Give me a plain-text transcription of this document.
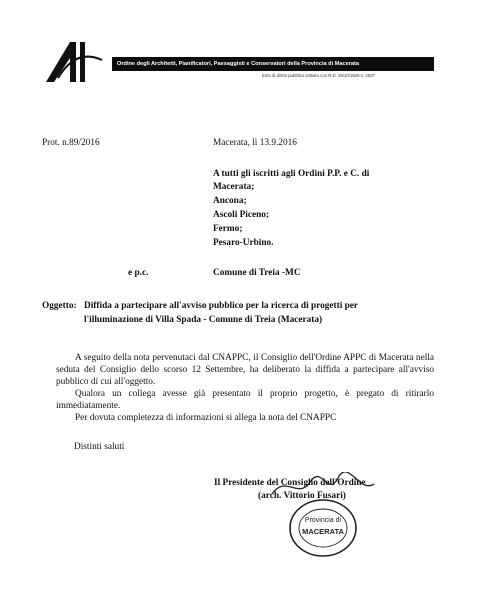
Ordine degli Architetti, Pianificatori, Paesaggisti e Conservatori della Provincia di Macerata
Ente di diritto pubblico istituito con R.D. 25/10/1925 n. 2537
Prot. n.89/2016	Macerata, lì 13.9.2016
A tutti gli iscritti agli Ordini P.P. e C. di
Macerata;
Ancona;
Ascoli Piceno;
Fermo;
Pesaro-Urbino.
e p.c.	Comune di Treia -MC
Oggetto: Diffida a partecipare all'avviso pubblico per la ricerca di progetti per
l'illuminazione di Villa Spada - Comune di Treia (Macerata)

A seguito della nota pervenutaci dal CNAPPC, il Consiglio dell'Ordine APPC di Macerata nella seduta del Consiglio dello scorso 12 Settembre, ha deliberato la diffida a partecipare all'avviso pubblico di cui all'oggetto.

Qualora un collega avesse già presentato il proprio progetto, è pregato di ritirarlo immediatamente.

Per dovuta completezza di informazioni si allega la nota del CNAPPC

Distinti saluti
Il Presidente del Consiglio dell'Ordine
(arch. Vittorio Fusari)
Provincia di
MACERATA
